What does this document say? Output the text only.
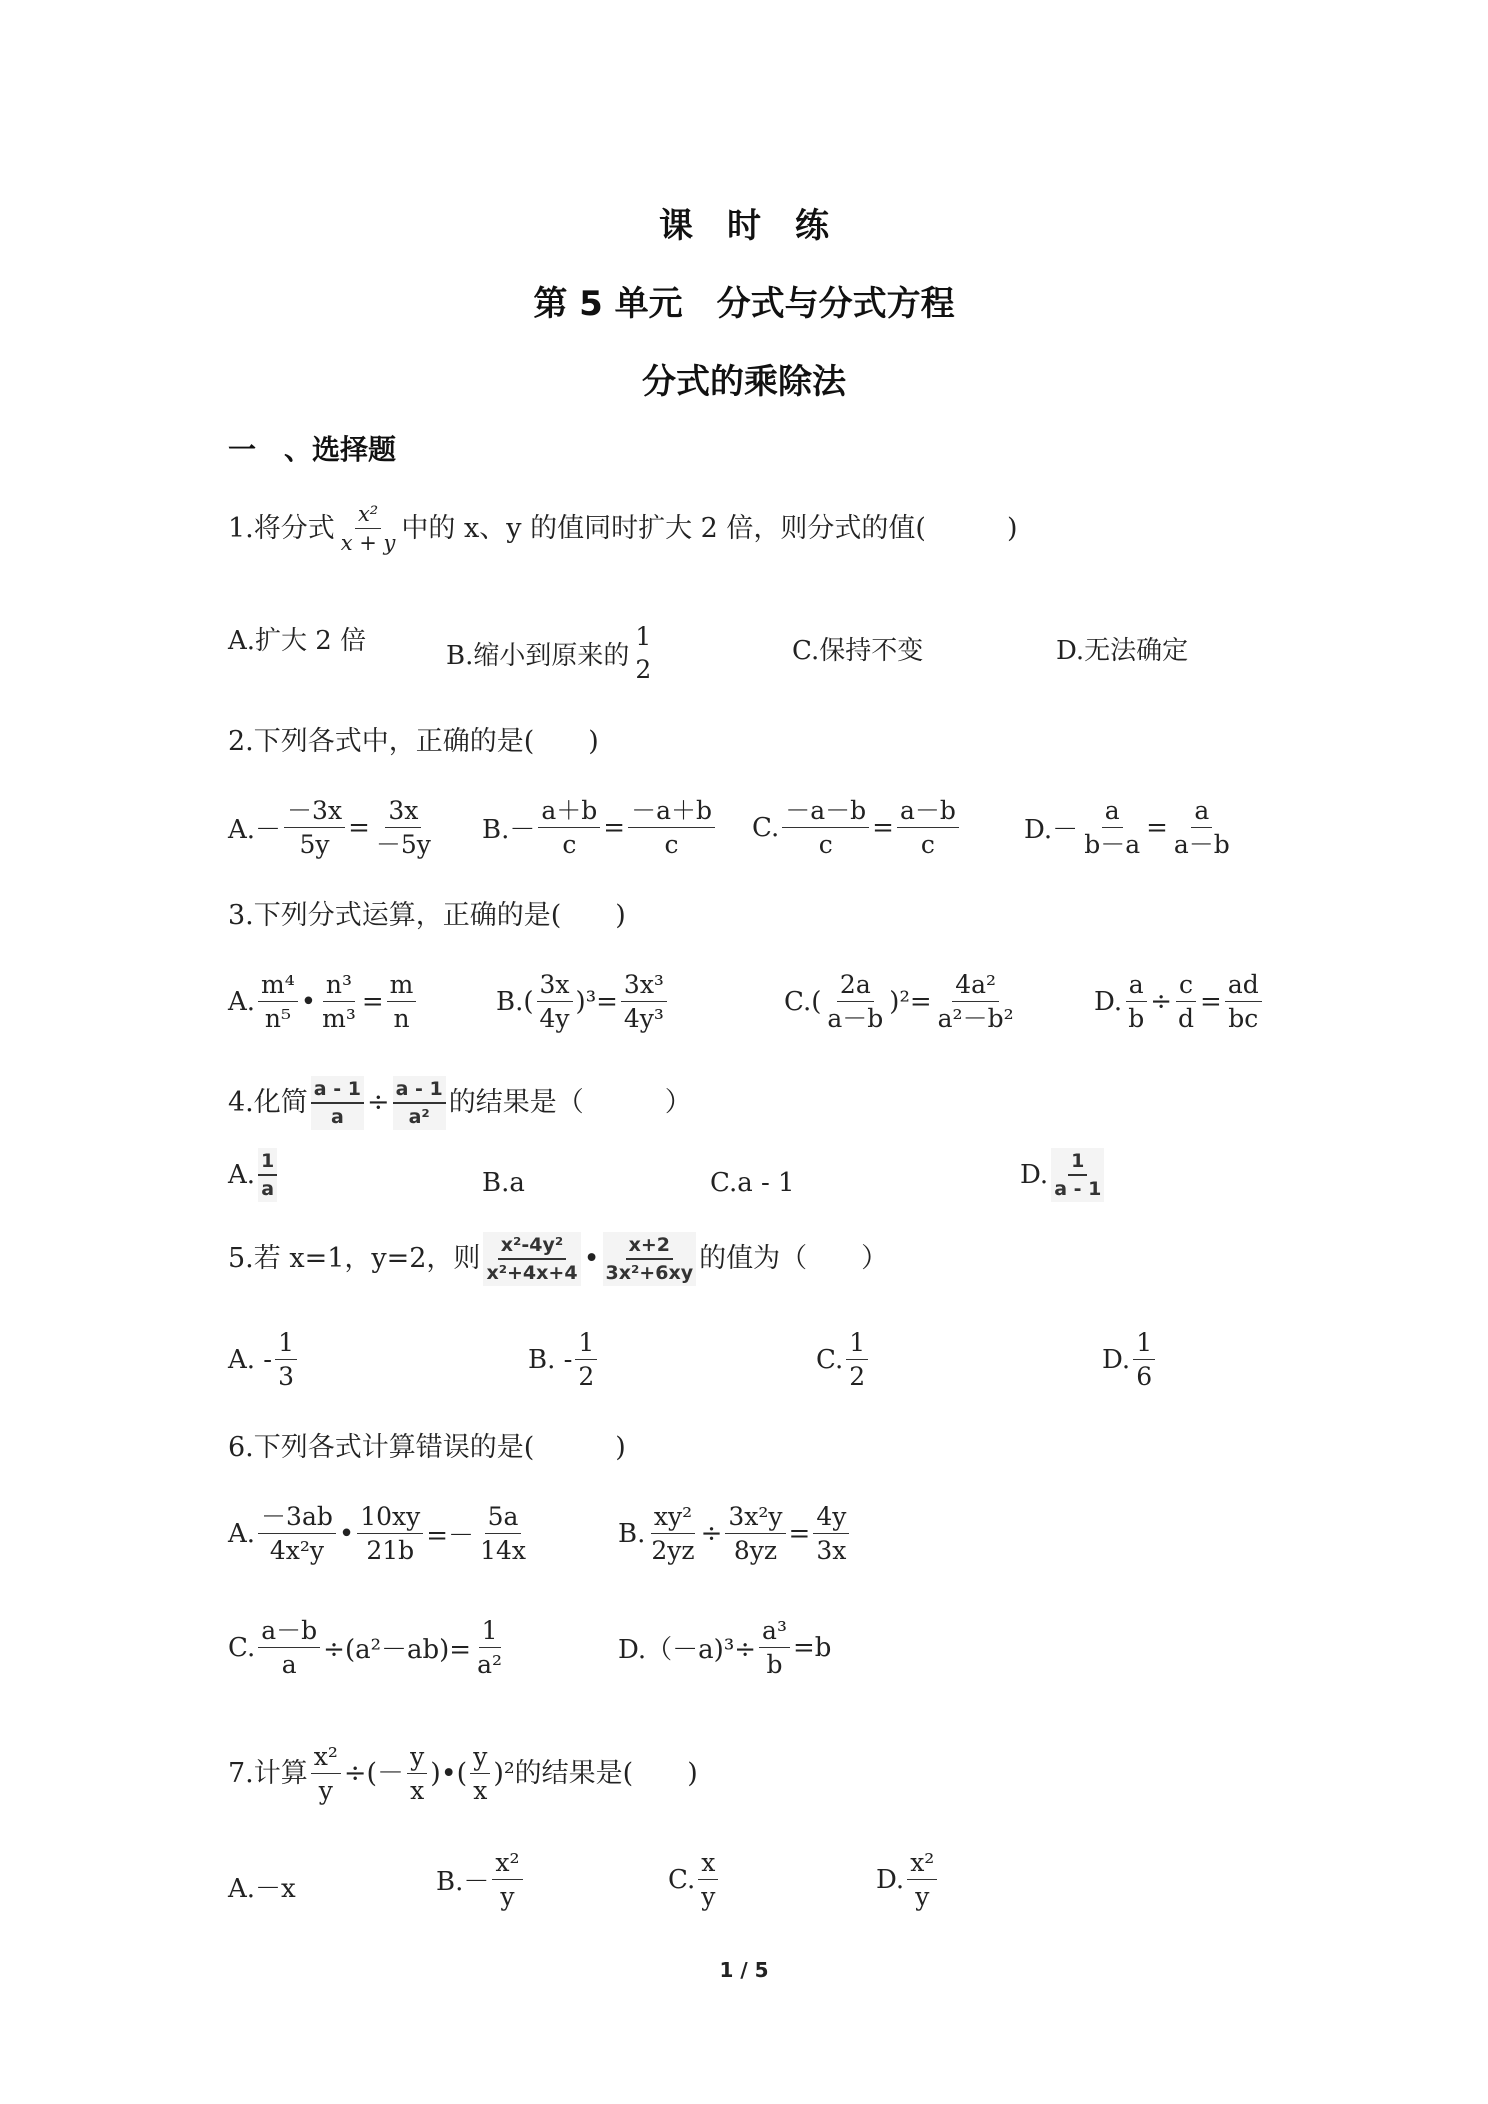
课　时　练
第 5 单元　分式与分式方程
分式的乘除法
一　、选择题
1.将分式 x²
x + y 中的 x、y 的值同时扩大 2 倍，则分式的值(　　　)
A.扩大 2 倍	B.缩小到原来的
1
2
C.保持不变	D.无法确定
2.下列各式中，正确的是(　　)
$A.- \frac{-3x}{5y} = \frac{3x}{-5y} B.- \frac{a+b}{c} = \frac{-a+b}{c} C$. $\frac{-a-b}{c} = \frac{a-b}{c}$	$D.- \frac{a}{b-a} = \frac{a}{a-b}$
3.下列分式运算，正确的是(　　)
A.
m⁴
n⁵
• $\frac{\text{n³}}{\text{m³}} = \frac{m}{n}$	B.(
3x
4y
)$^3= \frac{\text{3x³}}{\text{4y³}}$	C.(
2a
a－b
)$^2= \frac{\text{4a²}}{\text{a²－b²}}$	D. $\frac{a}{b} \div \frac{c}{d} = \frac{ad}{bc}$
4.化简 $\frac{a - 1}{a} \div \frac{a - 1}{\text{a²}}$ 的结果是（　　　）
A. 1
a	B.a	C.a - 1	D. 1
a - 1
5.若 x=1，y=2，则 x²-4y²
x²+4x+4 • x+2
3x²+6xy 的值为（　　）
A. -
1
3
B. -
1
2
C.
1
2
D.
1
6
6.下列各式计算错误的是(　　　)
A.
－3ab
4x²y
• $\frac{10xy}{21b}$ =－
5a
14x
B. $\frac{\text{xy²}}{2yz} \div \frac{\text{3x²y}}{8yz} = \frac{4y}{3x}$
C. $\frac{a-b}{a} \div(a^2-ab)= \frac{1}{\text{a²}}$	$D.(-a)^3\div \frac{\text{a³}}{b} =b$
7.计算 $\frac{\text{x²}}{y}$ ÷(－
y
x
)•(
y
x
)²的结果是(　　)
A.－x	B.－
x²
y
C.
x
y
D.
x²
y
1 / 5
